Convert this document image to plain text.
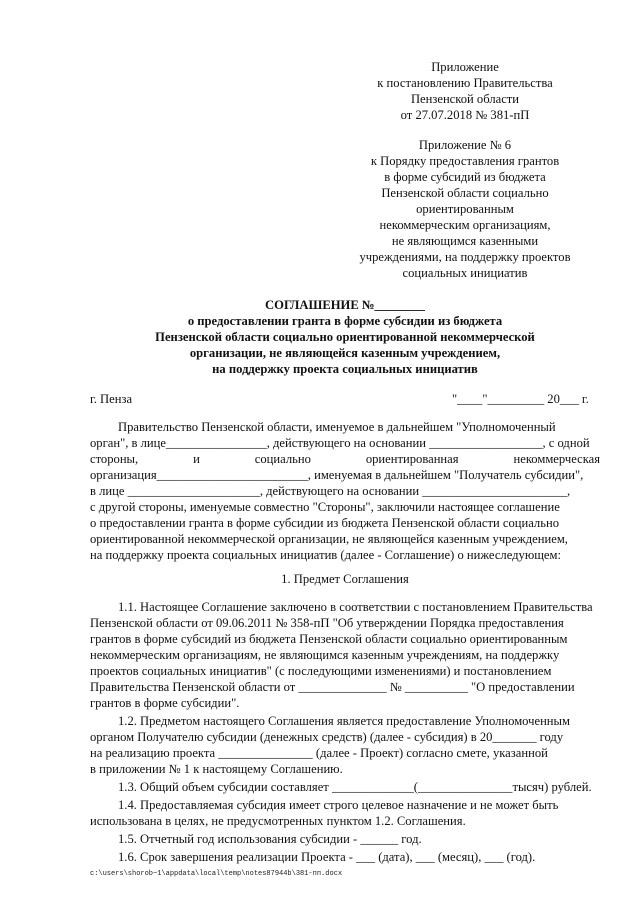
Приложение
к постановлению Правительства
Пензенской области
от 27.07.2018 № 381-пП
Приложение № 6
к Порядку предоставления грантов
в форме субсидий из бюджета
Пензенской области социально
ориентированным
некоммерческим организациям,
не являющимся казенными
учреждениями, на поддержку проектов
социальных инициатив
СОГЛАШЕНИЕ №________
о предоставлении гранта в форме субсидии из бюджета
Пензенской области социально ориентированной некоммерческой
организации, не являющейся казенным учреждением,
на поддержку проекта социальных инициатив
г. Пенза	"____"_________ 20___ г.
Правительство Пензенской области, именуемое в дальнейшем "Уполномоченный
орган", в лице________________, действующего на основании __________________, с одной
стороны,	и	социально	ориентированная	некоммерческая
организация________________________, именуемая в дальнейшем "Получатель субсидии",
в лице _____________________, действующего на основании _______________________,
с другой стороны, именуемые совместно "Стороны", заключили настоящее соглашение
о предоставлении гранта в форме субсидии из бюджета Пензенской области социально
ориентированной некоммерческой организации, не являющейся казенным учреждением,
на поддержку проекта социальных инициатив (далее - Соглашение) о нижеследующем:
1. Предмет Соглашения
1.1. Настоящее Соглашение заключено в соответствии с постановлением Правительства
Пензенской области от 09.06.2011 № 358-пП "Об утверждении Порядка предоставления
грантов в форме субсидий из бюджета Пензенской области социально ориентированным
некоммерческим организациям, не являющимся казенным учреждениям, на поддержку
проектов социальных инициатив" (с последующими изменениями) и постановлением
Правительства Пензенской области от ______________ № __________ "О предоставлении
грантов в форме субсидии".
1.2. Предметом настоящего Соглашения является предоставление Уполномоченным
органом Получателю субсидии (денежных средств) (далее - субсидия) в 20_______ году
на реализацию проекта _______________ (далее - Проект) согласно смете, указанной
в приложении № 1 к настоящему Соглашению.
1.3. Общий объем субсидии составляет _____________(_______________тысяч) рублей.
1.4. Предоставляемая субсидия имеет строго целевое назначение и не может быть
использована в целях, не предусмотренных пунктом 1.2. Соглашения.
1.5. Отчетный год использования субсидии - ______ год.
1.6. Срок завершения реализации Проекта - ___ (дата), ___ (месяц), ___ (год).
c:\users\shorob~1\appdata\local\temp\notes87944b\381-пп.docx
